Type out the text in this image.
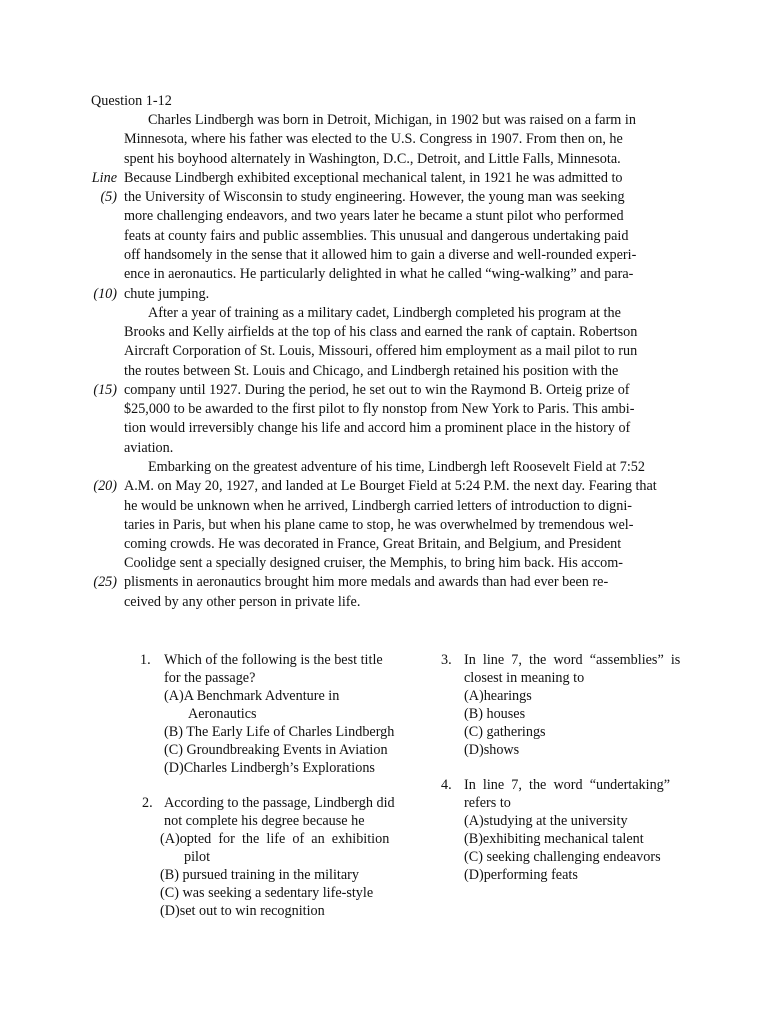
Question 1-12
Line
(5)
(10)
(15)
(20)
(25)
Charles Lindbergh was born in Detroit, Michigan, in 1902 but was raised on a farm in
Minnesota, where his father was elected to the U.S. Congress in 1907. From then on, he
spent his boyhood alternately in Washington, D.C., Detroit, and Little Falls, Minnesota.
Because Lindbergh exhibited exceptional mechanical talent, in 1921 he was admitted to
the University of Wisconsin to study engineering. However, the young man was seeking
more challenging endeavors, and two years later he became a stunt pilot who performed
feats at county fairs and public assemblies. This unusual and dangerous undertaking paid
off handsomely in the sense that it allowed him to gain a diverse and well-rounded experi-
ence in aeronautics. He particularly delighted in what he called “wing-walking” and para-
chute jumping.
After a year of training as a military cadet, Lindbergh completed his program at the
Brooks and Kelly airfields at the top of his class and earned the rank of captain. Robertson
Aircraft Corporation of St. Louis, Missouri, offered him employment as a mail pilot to run
the routes between St. Louis and Chicago, and Lindbergh retained his position with the
company until 1927. During the period, he set out to win the Raymond B. Orteig prize of
$25,000 to be awarded to the first pilot to fly nonstop from New York to Paris. This ambi-
tion would irreversibly change his life and accord him a prominent place in the history of
aviation.
Embarking on the greatest adventure of his time, Lindbergh left Roosevelt Field at 7:52
A.M. on May 20, 1927, and landed at Le Bourget Field at 5:24 P.M. the next day. Fearing that
he would be unknown when he arrived, Lindbergh carried letters of introduction to digni-
taries in Paris, but when his plane came to stop, he was overwhelmed by tremendous wel-
coming crowds. He was decorated in France, Great Britain, and Belgium, and President
Coolidge sent a specially designed cruiser, the Memphis, to bring him back. His accom-
plisments in aeronautics brought him more medals and awards than had ever been re-
ceived by any other person in private life.
1. Which of the following is the best title
for the passage?
(A)A Benchmark Adventure in
Aeronautics
(B) The Early Life of Charles Lindbergh
(C) Groundbreaking Events in Aviation
(D)Charles Lindbergh’s Explorations
2. According to the passage, Lindbergh did
not complete his degree because he
(A)opted  for  the  life  of  an  exhibition
pilot
(B) pursued training in the military
(C) was seeking a sedentary life-style
(D)set out to win recognition
3. In  line  7,  the  word  “assemblies”  is
closest in meaning to
(A)hearings
(B) houses
(C) gatherings
(D)shows
4. In  line  7,  the  word  “undertaking”
refers to
(A)studying at the university
(B)exhibiting mechanical talent
(C) seeking challenging endeavors
(D)performing feats
